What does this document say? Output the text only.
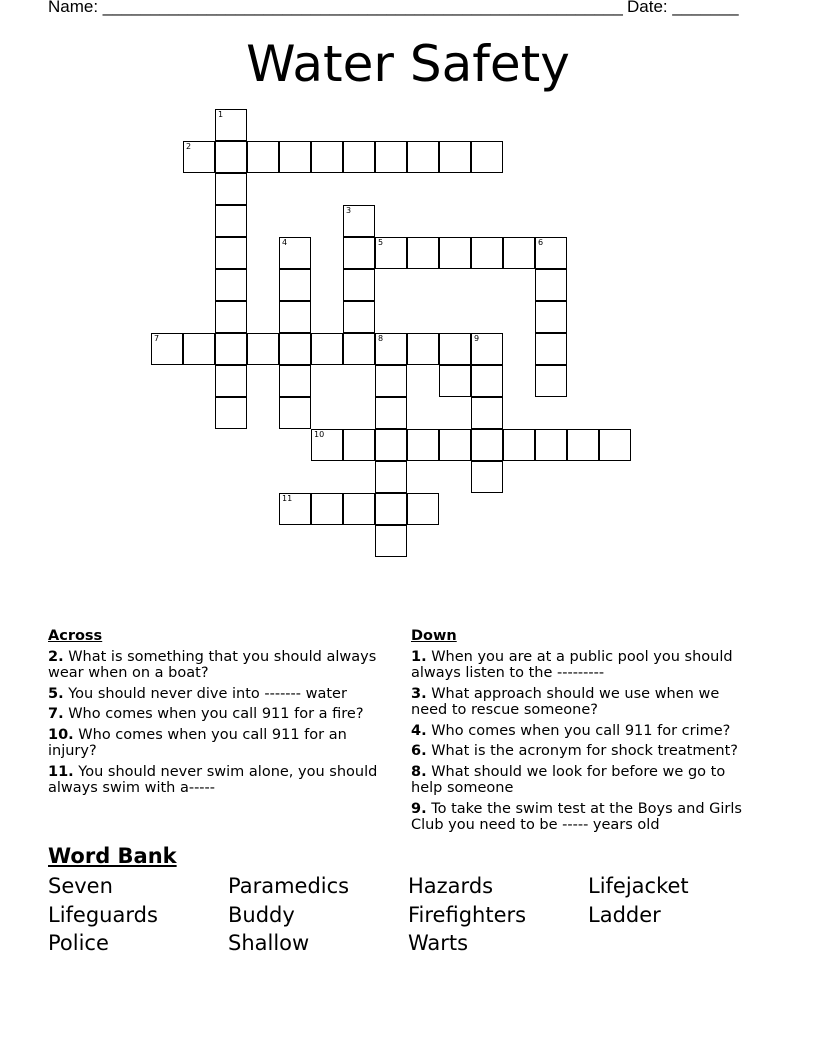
Name: _______________________________________________________ Date: _______
Water Safety
1
2
3
4	5	6
7	8	9
10
11
Across
2. What is something that you should always wear when on a boat?
5. You should never dive into ------- water
7. Who comes when you call 911 for a fire?
10. Who comes when you call 911 for an injury?
11. You should never swim alone, you should always swim with a-----
Down
1. When you are at a public pool you should always listen to the ---------
3. What approach should we use when we need to rescue someone?
4. Who comes when you call 911 for crime?
6. What is the acronym for shock treatment?
8. What should we look for before we go to help someone
9. To take the swim test at the Boys and Girls Club you need to be ----- years old
Word Bank
Seven	Paramedics	Hazards	Lifejacket
Lifeguards	Buddy	Firefighters	Ladder
Police	Shallow	Warts
